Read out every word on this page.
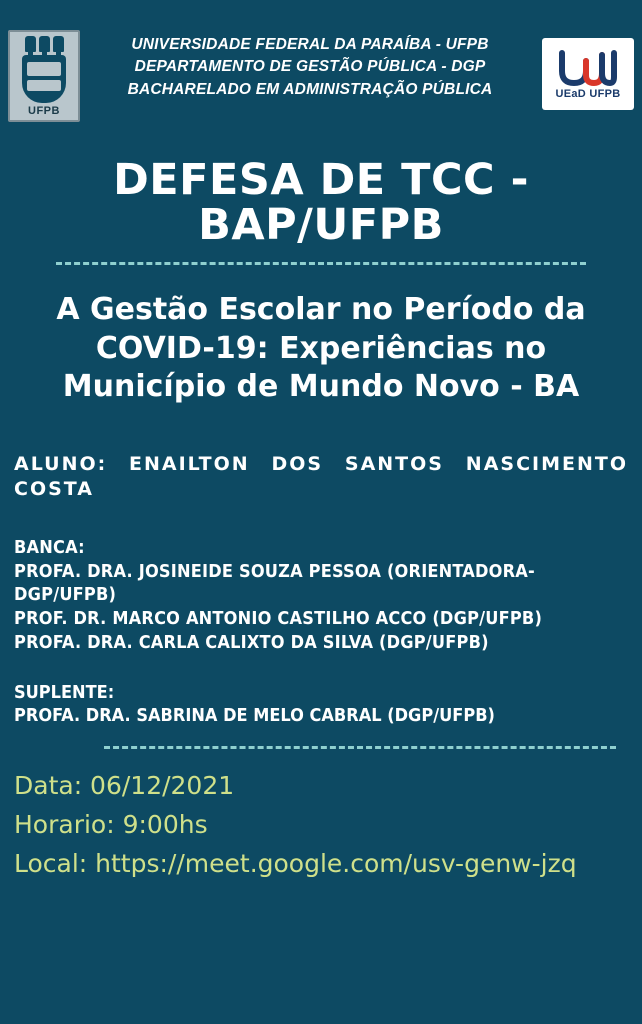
UFPB
UNIVERSIDADE FEDERAL DA PARAÍBA - UFPB
DEPARTAMENTO DE GESTÃO PÚBLICA - DGP
BACHARELADO EM ADMINISTRAÇÃO PÚBLICA	UEaD UFPB
DEFESA DE TCC - BAP/UFPB
A Gestão Escolar no Período da COVID-19: Experiências no Município de Mundo Novo - BA
ALUNO: ENAILTON DOS SANTOS NASCIMENTO COSTA
BANCA:
PROFA. DRA. JOSINEIDE SOUZA PESSOA (ORIENTADORA-DGP/UFPB)
PROF. DR. MARCO ANTONIO CASTILHO ACCO (DGP/UFPB)
PROFA. DRA. CARLA CALIXTO DA SILVA (DGP/UFPB)
SUPLENTE:
PROFA. DRA. SABRINA DE MELO CABRAL (DGP/UFPB)
Data: 06/12/2021
Horario: 9:00hs
Local: https://meet.google.com/usv-genw-jzq
